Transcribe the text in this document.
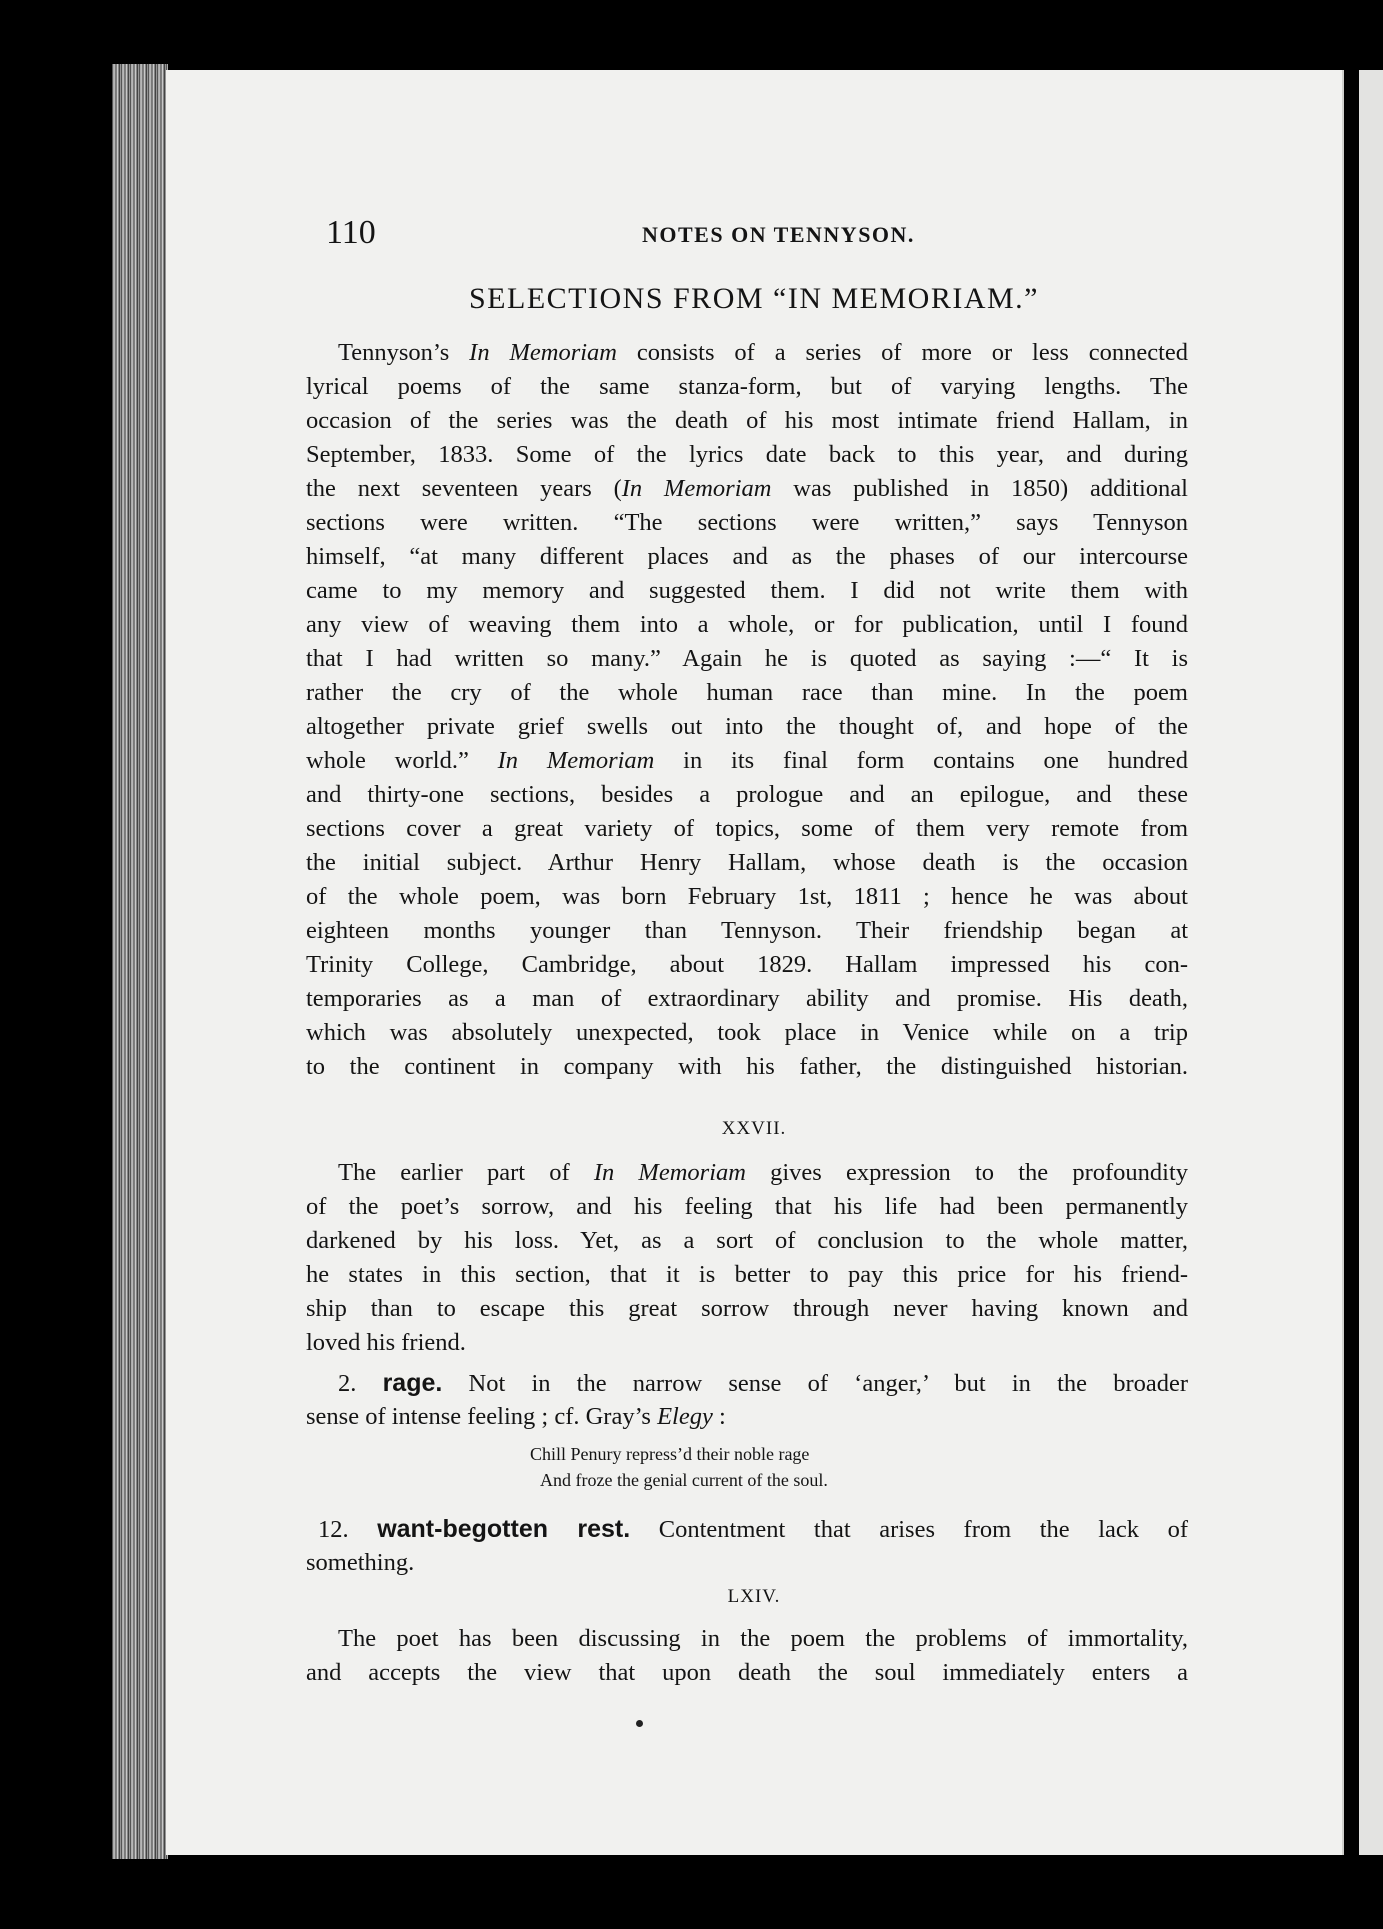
110	NOTES ON TENNYSON.
SELECTIONS FROM “IN MEMORIAM.”
Tennyson’s In Memoriam consists of a series of more or less connected
lyrical poems of the same stanza-form, but of varying lengths. The
occasion of the series was the death of his most intimate friend Hallam, in
September, 1833. Some of the lyrics date back to this year, and during
the next seventeen years (In Memoriam was published in 1850) additional
sections were written. “The sections were written,” says Tennyson
himself, “at many different places and as the phases of our intercourse
came to my memory and suggested them. I did not write them with
any view of weaving them into a whole, or for publication, until I found
that I had written so many.” Again he is quoted as saying :—“ It is
rather the cry of the whole human race than mine. In the poem
altogether private grief swells out into the thought of, and hope of the
whole world.” In Memoriam in its final form contains one hundred
and thirty-one sections, besides a prologue and an epilogue, and these
sections cover a great variety of topics, some of them very remote from
the initial subject. Arthur Henry Hallam, whose death is the occasion
of the whole poem, was born February 1st, 1811 ; hence he was about
eighteen months younger than Tennyson. Their friendship began at
Trinity College, Cambridge, about 1829. Hallam impressed his con-
temporaries as a man of extraordinary ability and promise. His death,
which was absolutely unexpected, took place in Venice while on a trip
to the continent in company with his father, the distinguished historian.
XXVII.
The earlier part of In Memoriam gives expression to the profoundity
of the poet’s sorrow, and his feeling that his life had been permanently
darkened by his loss. Yet, as a sort of conclusion to the whole matter,
he states in this section, that it is better to pay this price for his friend-
ship than to escape this great sorrow through never having known and
loved his friend.
2. rage. Not in the narrow sense of ‘anger,’ but in the broader
sense of intense feeling ; cf. Gray’s Elegy :
Chill Penury repress’d their noble rage
And froze the genial current of the soul.
12. want-begotten rest. Contentment that arises from the lack of
something.
LXIV.
The poet has been discussing in the poem the problems of immortality,
and accepts the view that upon death the soul immediately enters a
